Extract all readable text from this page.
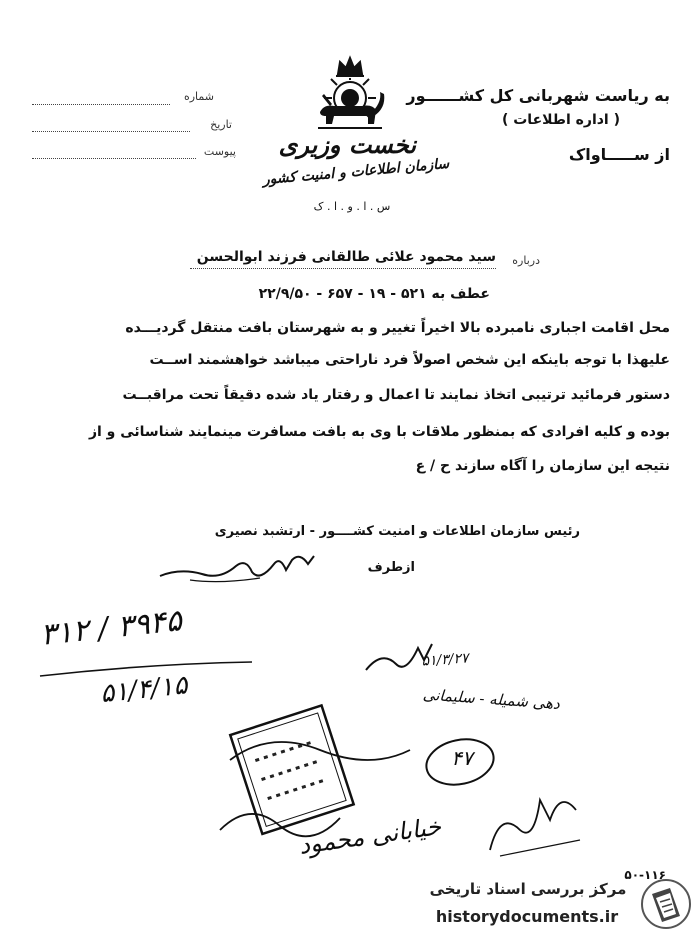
شماره
تاریخ
پیوست نخست وزیری
سازمان اطلاعات و امنیت کشور
س . ا . و . ا . ک
به ریاست شهربانی کل کشــــــور
( اداره اطلاعات )
از ســـــاواک
درباره
سید محمود علائی طالقانی فرزند ابوالحسن
عطف به ۵۲۱ - ۱۹ - ۶۵۷ - ۲۲/۹/۵۰
محل اقامت اجباری نامبرده بالا اخیراً تغییر و به شهرستان بافت منتقل گردیـــده
علیهذا با توجه باینکه این شخص اصولاً فرد ناراحتی میباشد خواهشمند اســت
دستور فرمائید ترتیبی اتخاذ نمایند تا اعمال و رفتار یاد شده دقیقاً تحت مراقبــت
بوده و کلیه افرادی که بمنظور ملاقات با وی به بافت مسافرت مینمایند شناسائی و از
نتیجه این سازمان را آگاه سازند ح / ع
رئیس سازمان اطلاعات و امنیت کشــــور - ارتشبد نصیری
ازطرف
۳۱۲ / ۳۹۴۵
۵۱/۴/۱۵
۵۱/۳/۲۷
دهی شمیله - سلیمانی
۴۷
خیابانی محمود
۵۰-۱۱۶
مرکز بررسی اسناد تاریخی
historydocuments.ir
